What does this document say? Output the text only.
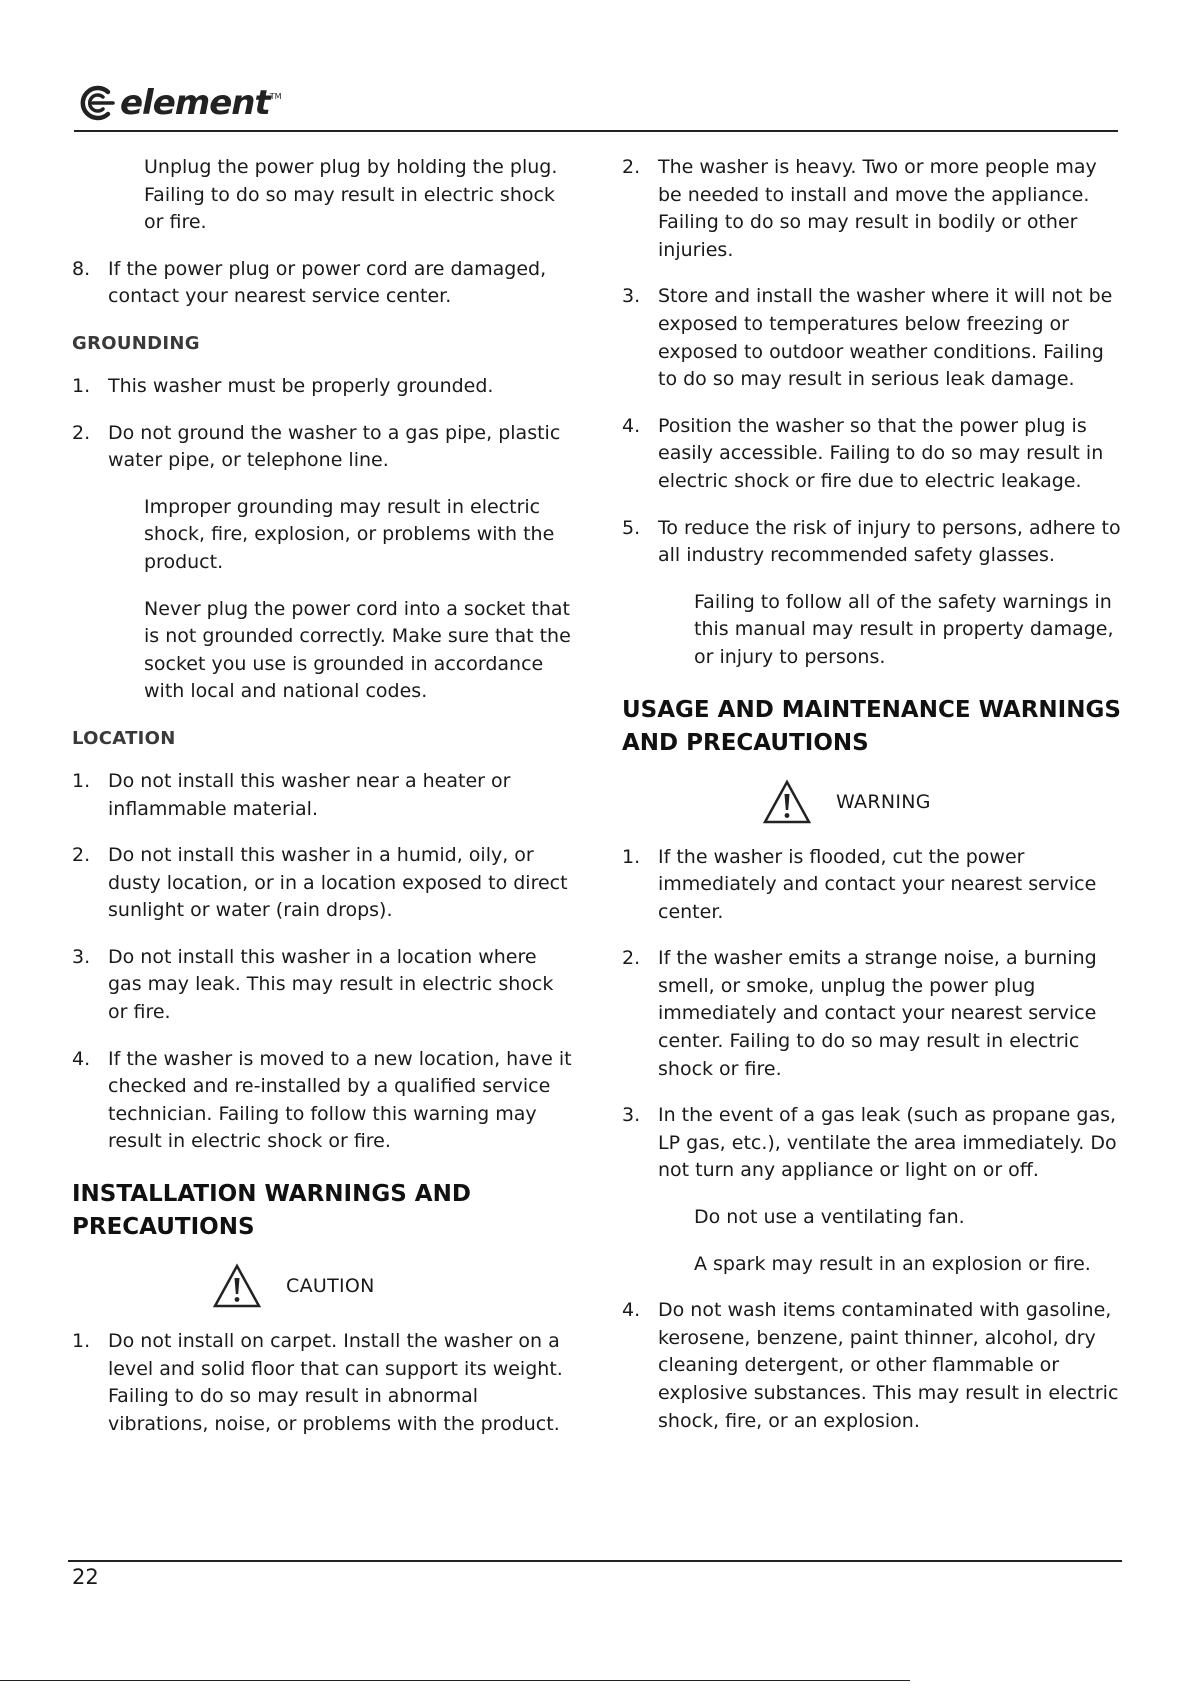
element TM

Unplug the power plug by holding the plug. Failing to do so may result in electric shock or fire.

8. If the power plug or power cord are damaged, contact your nearest service center.

GROUNDING

1. This washer must be properly grounded.
2. Do not ground the washer to a gas pipe, plastic water pipe, or telephone line.

Improper grounding may result in electric shock, fire, explosion, or problems with the product.

Never plug the power cord into a socket that is not grounded correctly. Make sure that the socket you use is grounded in accordance with local and national codes.

LOCATION

1. Do not install this washer near a heater or inflammable material.
2. Do not install this washer in a humid, oily, or dusty location, or in a location exposed to direct sunlight or water (rain drops).
3. Do not install this washer in a location where gas may leak. This may result in electric shock or fire.
4. If the washer is moved to a new location, have it checked and re-installed by a qualified service technician. Failing to follow this warning may result in electric shock or fire.

INSTALLATION WARNINGS AND PRECAUTIONS

CAUTION
1. Do not install on carpet. Install the washer on a level and solid floor that can support its weight. Failing to do so may result in abnormal vibrations, noise, or problems with the product.
2. The washer is heavy. Two or more people may be needed to install and move the appliance. Failing to do so may result in bodily or other injuries.
3. Store and install the washer where it will not be exposed to temperatures below freezing or exposed to outdoor weather conditions. Failing to do so may result in serious leak damage.
4. Position the washer so that the power plug is easily accessible. Failing to do so may result in electric shock or fire due to electric leakage.
5. To reduce the risk of injury to persons, adhere to all industry recommended safety glasses.

Failing to follow all of the safety warnings in this manual may result in property damage, or injury to persons.

USAGE AND MAINTENANCE WARNINGS AND PRECAUTIONS

WARNING
1. If the washer is flooded, cut the power immediately and contact your nearest service center.
2. If the washer emits a strange noise, a burning smell, or smoke, unplug the power plug immediately and contact your nearest service center. Failing to do so may result in electric shock or fire.
3. In the event of a gas leak (such as propane gas, LP gas, etc.), ventilate the area immediately. Do not turn any appliance or light on or off.

Do not use a ventilating fan.

A spark may result in an explosion or fire.

4. Do not wash items contaminated with gasoline, kerosene, benzene, paint thinner, alcohol, dry cleaning detergent, or other flammable or explosive substances. This may result in electric shock, fire, or an explosion.
22
